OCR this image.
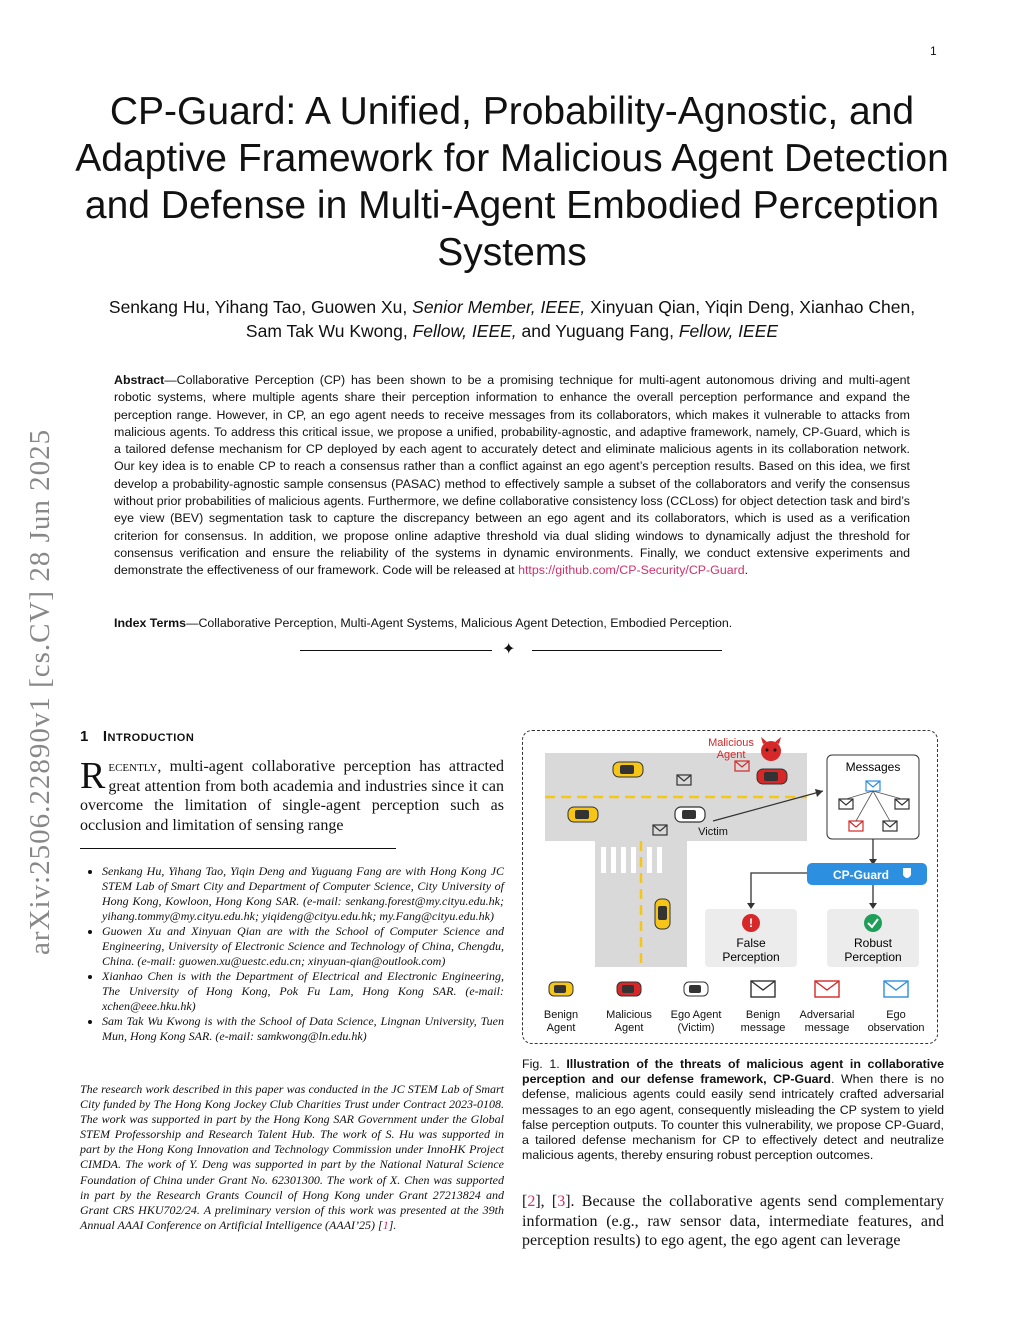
1
arXiv:2506.22890v1 [cs.CV] 28 Jun 2025
CP-Guard: A Unified, Probability-Agnostic, and Adaptive Framework for Malicious Agent Detection and Defense in Multi-Agent Embodied Perception Systems
Senkang Hu, Yihang Tao, Guowen Xu, Senior Member, IEEE, Xinyuan Qian, Yiqin Deng, Xianhao Chen,
Sam Tak Wu Kwong, Fellow, IEEE, and Yuguang Fang, Fellow, IEEE
Abstract—Collaborative Perception (CP) has been shown to be a promising technique for multi-agent autonomous driving and multi-agent robotic systems, where multiple agents share their perception information to enhance the overall perception performance and expand the perception range. However, in CP, an ego agent needs to receive messages from its collaborators, which makes it vulnerable to attacks from malicious agents. To address this critical issue, we propose a unified, probability-agnostic, and adaptive framework, namely, CP-Guard, which is a tailored defense mechanism for CP deployed by each agent to accurately detect and eliminate malicious agents in its collaboration network. Our key idea is to enable CP to reach a consensus rather than a conflict against an ego agent’s perception results. Based on this idea, we first develop a probability-agnostic sample consensus (PASAC) method to effectively sample a subset of the collaborators and verify the consensus without prior probabilities of malicious agents. Furthermore, we define collaborative consistency loss (CCLoss) for object detection task and bird’s eye view (BEV) segmentation task to capture the discrepancy between an ego agent and its collaborators, which is used as a verification criterion for consensus. In addition, we propose online adaptive threshold via dual sliding windows to dynamically adjust the threshold for consensus verification and ensure the reliability of the systems in dynamic environments. Finally, we conduct extensive experiments and demonstrate the effectiveness of our framework. Code will be released at https://github.com/CP-Security/CP-Guard.
Index Terms—Collaborative Perception, Multi-Agent Systems, Malicious Agent Detection, Embodied Perception.
✦
1 Introduction
Recently, multi-agent collaborative perception has attracted great attention from both academia and industries since it can overcome the limitation of single-agent perception such as occlusion and limitation of sensing range
• Senkang Hu, Yihang Tao, Yiqin Deng and Yuguang Fang are with Hong Kong JC STEM Lab of Smart City and Department of Computer Science, City University of Hong Kong, Kowloon, Hong Kong SAR. (e-mail: senkang.forest@my.cityu.edu.hk; yihang.tommy@my.cityu.edu.hk; yiqideng@cityu.edu.hk; my.Fang@cityu.edu.hk)
• Guowen Xu and Xinyuan Qian are with the School of Computer Science and Engineering, University of Electronic Science and Technology of China, Chengdu, China. (e-mail: guowen.xu@uestc.edu.cn; xinyuan-qian@outlook.com)
• Xianhao Chen is with the Department of Electrical and Electronic Engineering, The University of Hong Kong, Pok Fu Lam, Hong Kong SAR. (e-mail: xchen@eee.hku.hk)
• Sam Tak Wu Kwong is with the School of Data Science, Lingnan University, Tuen Mun, Hong Kong SAR. (e-mail: samkwong@ln.edu.hk)
The research work described in this paper was conducted in the JC STEM Lab of Smart City funded by The Hong Kong Jockey Club Charities Trust under Contract 2023-0108. The work was supported in part by the Hong Kong SAR Government under the Global STEM Professorship and Research Talent Hub. The work of S. Hu was supported in part by the Hong Kong Innovation and Technology Commission under InnoHK Project CIMDA. The work of Y. Deng was supported in part by the National Natural Science Foundation of China under Grant No. 62301300. The work of X. Chen was supported in part by the Research Grants Council of Hong Kong under Grant 27213824 and Grant CRS HKU702/24. A preliminary version of this work was presented at the 39th Annual AAAI Conference on Artificial Intelligence (AAAI’25) [1].
Malicious
Agent
Victim
Messages
CP-Guard
!
False
Perception
Robust
Perception
Benign
Agent
Malicious
Agent
Ego Agent
(Victim)
Benign
message
Adversarial
message
Ego
observation
Fig. 1. Illustration of the threats of malicious agent in collaborative perception and our defense framework, CP-Guard. When there is no defense, malicious agents could easily send intricately crafted adversarial messages to an ego agent, consequently misleading the CP system to yield false perception outputs. To counter this vulnerability, we propose CP-Guard, a tailored defense mechanism for CP to effectively detect and neutralize malicious agents, thereby ensuring robust perception outcomes.
[2], [3]. Because the collaborative agents send complementary information (e.g., raw sensor data, intermediate features, and perception results) to ego agent, the ego agent can leverage
